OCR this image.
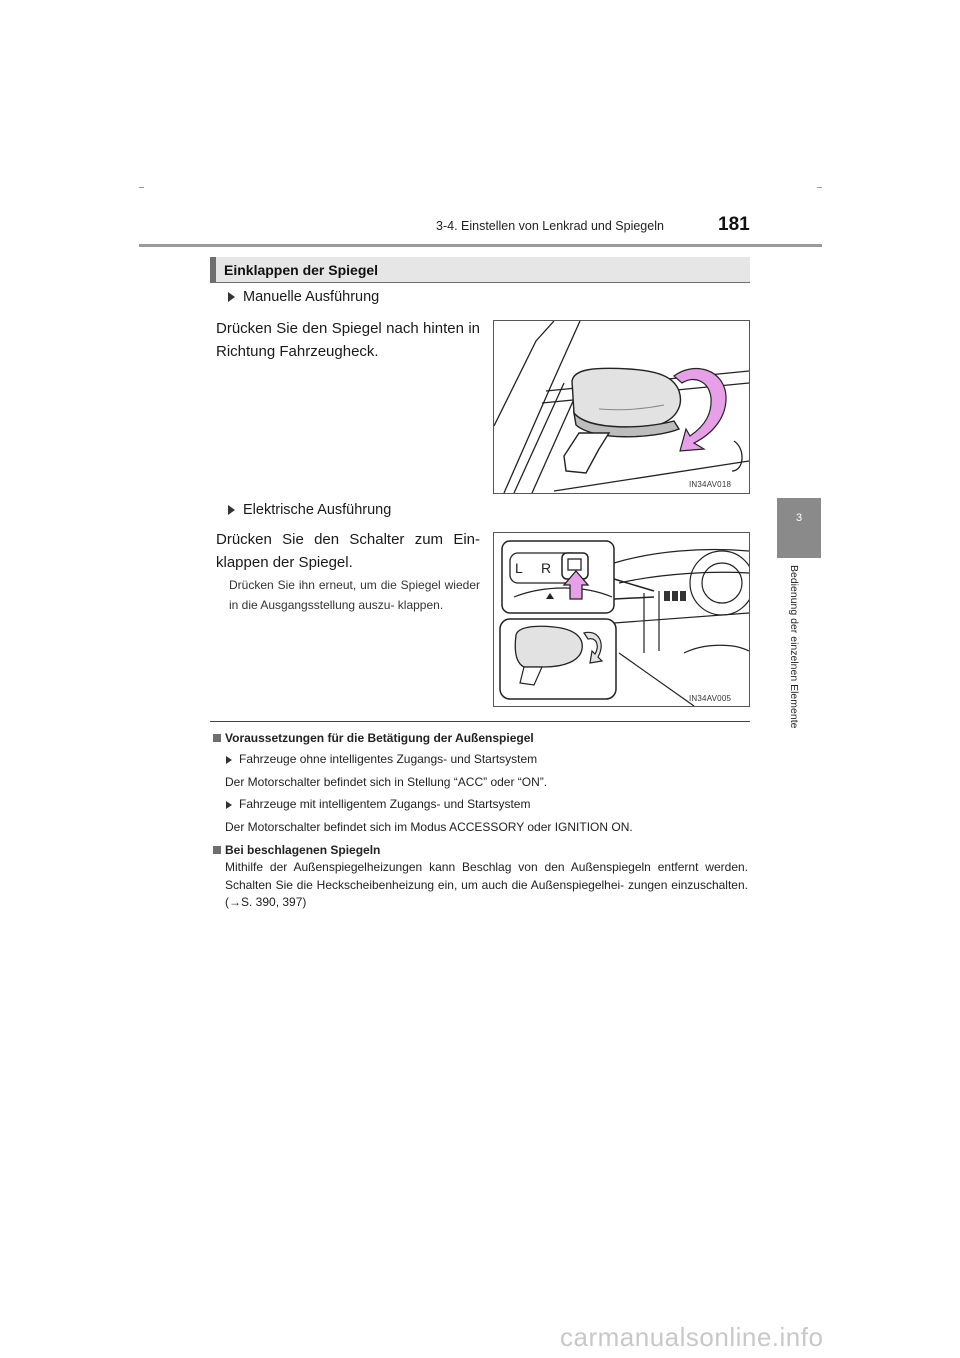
3-4. Einstellen von Lenkrad und Spiegeln	181
3
Bedienung der einzelnen Elemente
Einklappen der Spiegel
Manuelle Ausführung
Drücken Sie den Spiegel nach hinten in Richtung Fahrzeugheck.
IN34AV018
Elektrische Ausführung
Drücken Sie den Schalter zum Ein- klappen der Spiegel.
Drücken Sie ihn erneut, um die Spiegel wieder in die Ausgangsstellung auszu- klappen.
L R
IN34AV005
Voraussetzungen für die Betätigung der Außenspiegel
Fahrzeuge ohne intelligentes Zugangs- und Startsystem
Der Motorschalter befindet sich in Stellung “ACC” oder “ON”.
Fahrzeuge mit intelligentem Zugangs- und Startsystem
Der Motorschalter befindet sich im Modus ACCESSORY oder IGNITION ON.
Bei beschlagenen Spiegeln
Mithilfe der Außenspiegelheizungen kann Beschlag von den Außenspiegeln entfernt werden. Schalten Sie die Heckscheibenheizung ein, um auch die Außenspiegelhei- zungen einzuschalten. (→S. 390, 397)
carmanualsonline.info
